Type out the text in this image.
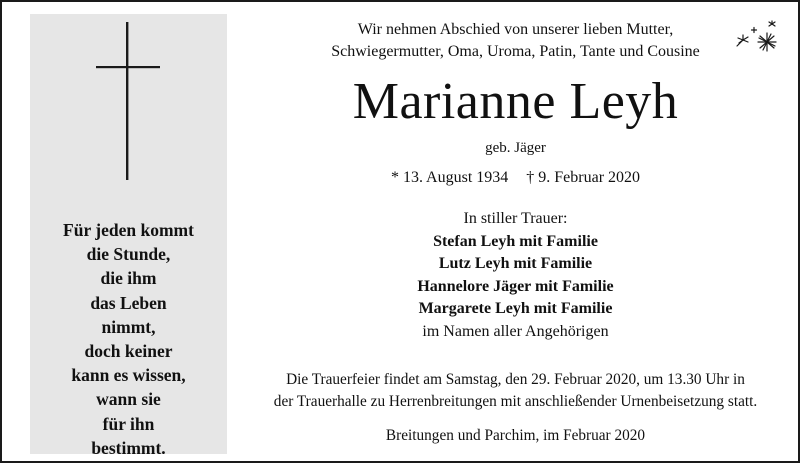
Für jeden kommt
die Stunde,
die ihm
das Leben
nimmt,
doch keiner
kann es wissen,
wann sie
für ihn
bestimmt.
Wir nehmen Abschied von unserer lieben Mutter,
Schwiegermutter, Oma, Uroma, Patin, Tante und Cousine
Marianne Leyh
geb. Jäger
* 13. August 1934 † 9. Februar 2020
In stiller Trauer:
Stefan Leyh mit Familie
Lutz Leyh mit Familie
Hannelore Jäger mit Familie
Margarete Leyh mit Familie
im Namen aller Angehörigen
Die Trauerfeier findet am Samstag, den 29. Februar 2020, um 13.30 Uhr in
der Trauerhalle zu Herrenbreitungen mit anschließender Urnenbeisetzung statt.
Breitungen und Parchim, im Februar 2020
